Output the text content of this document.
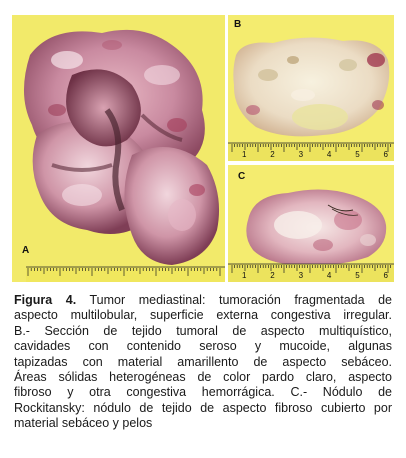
A
B
1	2	3	4	5	6
C
1	2	3	4	5	6
Figura 4. Tumor mediastinal: tumoración fragmentada de
aspecto multilobular, superficie externa congestiva irregular.
B.- Sección de tejido tumoral de aspecto multiquístico,
cavidades con contenido seroso y mucoide, algunas
tapizadas con material amarillento de aspecto sebáceo.
Áreas sólidas heterogéneas de color pardo claro, aspecto
fibroso y otra congestiva hemorrágica. C.- Nódulo de
Rockitansky: nódulo de tejido de aspecto fibroso cubierto por
material sebáceo y pelos
